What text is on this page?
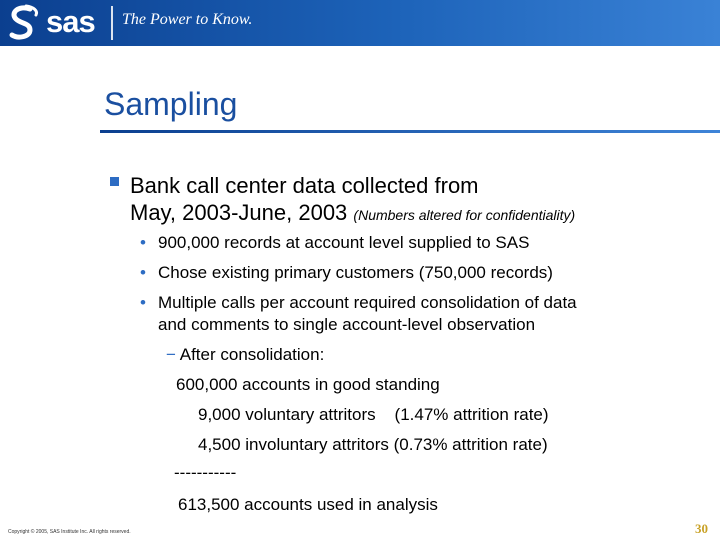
sas The Power to Know.
Sampling
Bank call center data collected from
May, 2003-June, 2003 (Numbers altered for confidentiality)
• 900,000 records at account level supplied to SAS
• Chose existing primary customers (750,000 records)
• Multiple calls per account required consolidation of data
and comments to single account-level observation
− After consolidation:
600,000 accounts in good standing
9,000 voluntary attritors    (1.47% attrition rate)
4,500 involuntary attritors (0.73% attrition rate)
-----------
613,500 accounts used in analysis
Copyright © 2005, SAS Institute Inc. All rights reserved.	30
